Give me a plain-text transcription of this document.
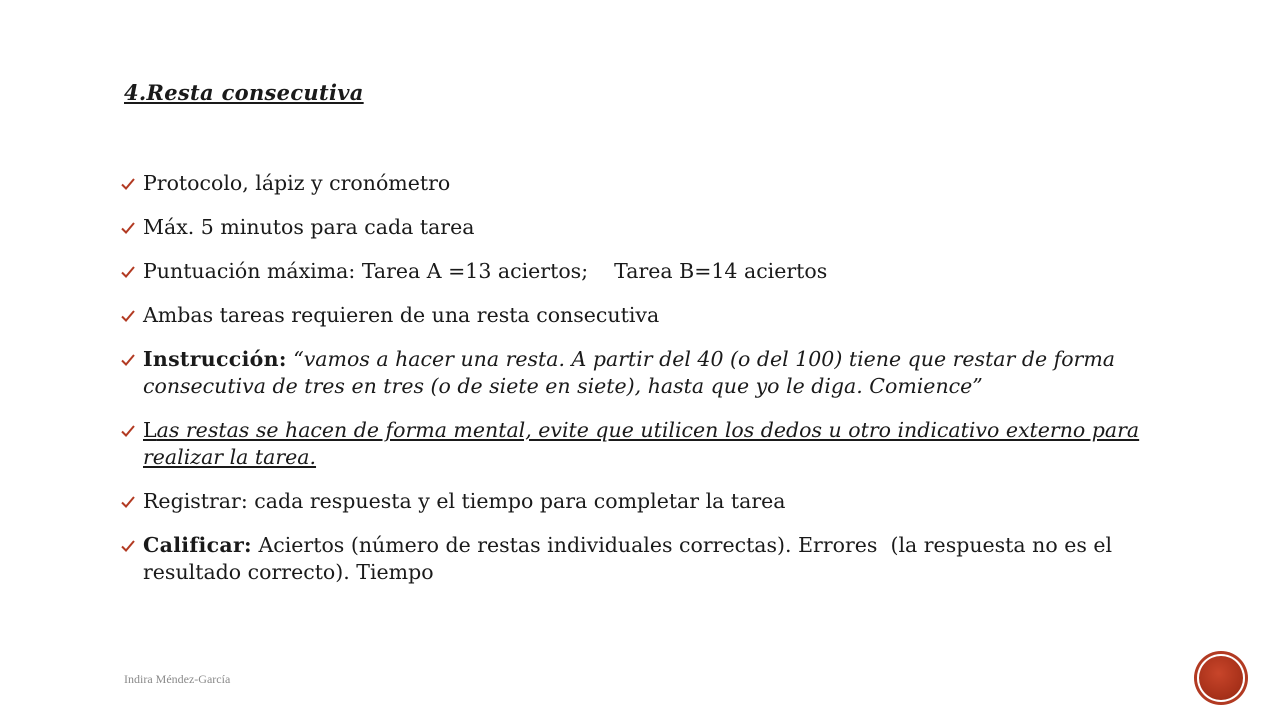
4.Resta consecutiva
Protocolo, lápiz y cronómetro
Máx. 5 minutos para cada tarea
Puntuación máxima: Tarea A =13 aciertos;    Tarea B=14 aciertos
Ambas tareas requieren de una resta consecutiva
Instrucción: “vamos a hacer una resta. A partir del 40 (o del 100) tiene que restar de forma consecutiva de tres en tres (o de siete en siete), hasta que yo le diga. Comience”
Las restas se hacen de forma mental, evite que utilicen los dedos u otro indicativo externo para realizar la tarea.
Registrar: cada respuesta y el tiempo para completar la tarea
Calificar: Aciertos (número de restas individuales correctas). Errores  (la respuesta no es el resultado correcto). Tiempo
Indira Méndez-García
